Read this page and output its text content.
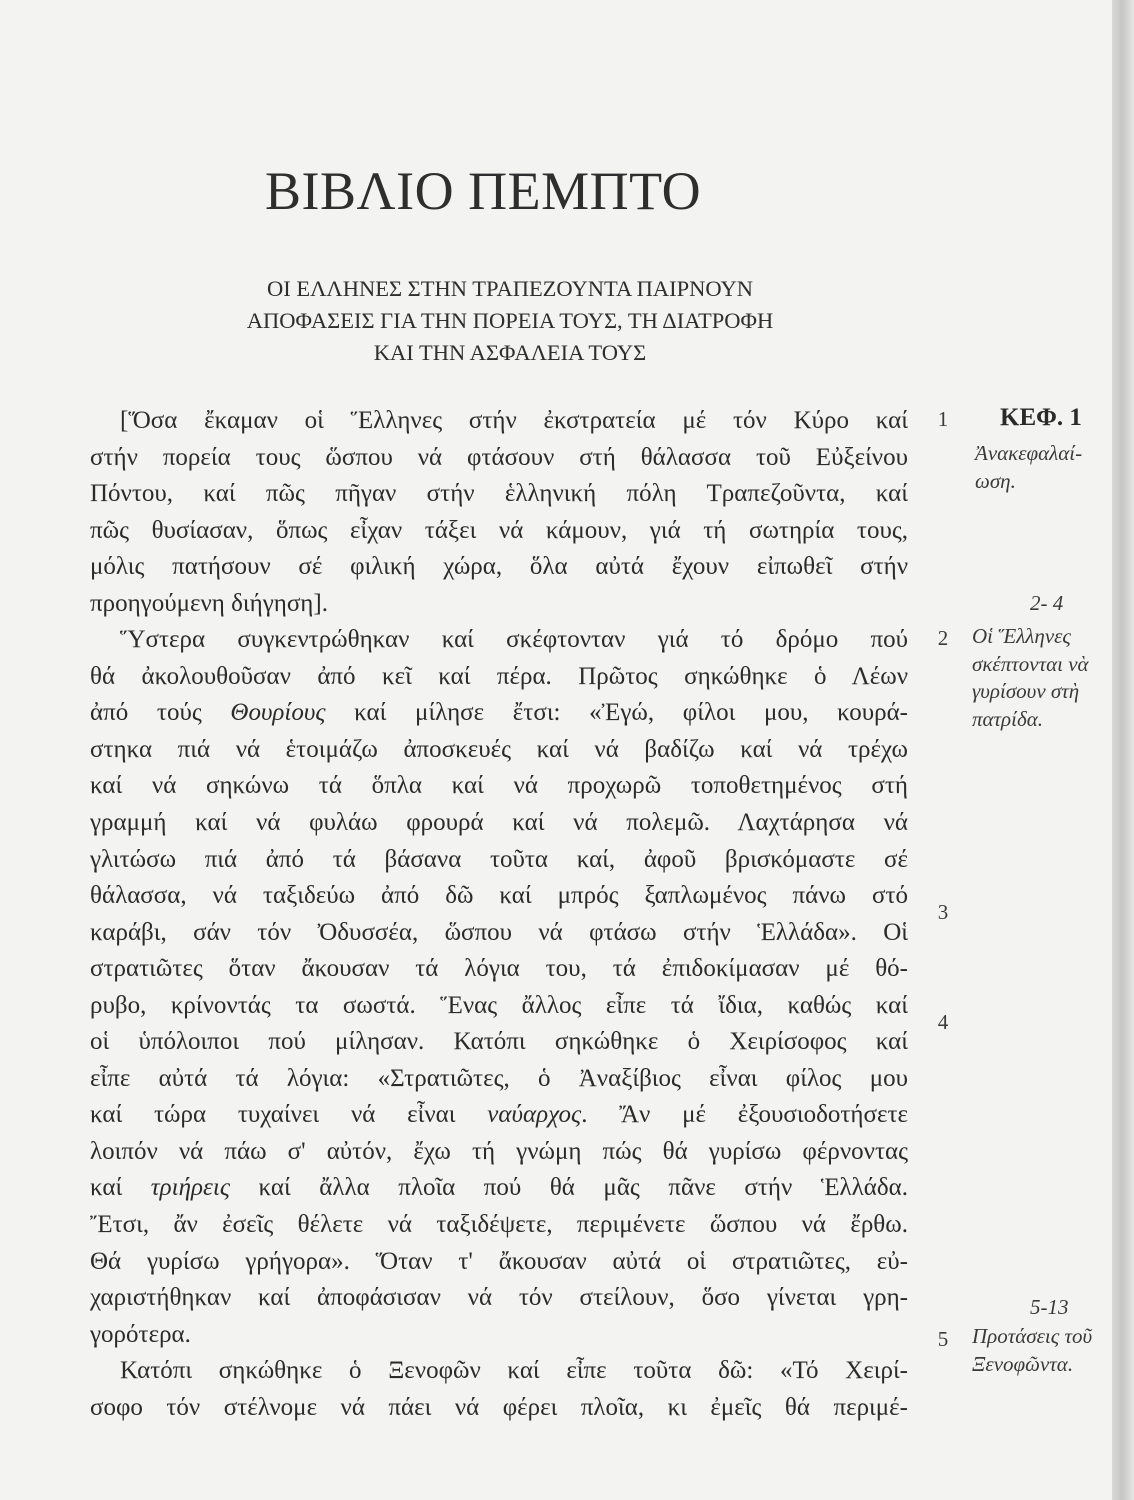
ΒΙΒΛΙΟ ΠΕΜΠΤΟ
ΟΙ ΕΛΛΗΝΕΣ ΣΤΗΝ ΤΡΑΠΕΖΟΥΝΤΑ ΠΑΙΡΝΟΥΝ
ΑΠΟΦΑΣΕΙΣ ΓΙΑ ΤΗΝ ΠΟΡΕΙΑ ΤΟΥΣ, ΤΗ ΔΙΑΤΡΟΦΗ
ΚΑΙ ΤΗΝ ΑΣΦΑΛΕΙΑ ΤΟΥΣ
[Ὅσα ἔκαμαν οἱ Ἕλληνες στήν ἐκστρατεία μέ τόν Κύρο καί
στήν πορεία τους ὥσπου νά φτάσουν στή θάλασσα τοῦ Εὐξείνου
Πόντου, καί πῶς πῆγαν στήν ἑλληνική πόλη Τραπεζοῦντα, καί
πῶς θυσίασαν, ὅπως εἶχαν τάξει νά κάμουν, γιά τή σωτηρία τους,
μόλις πατήσουν σέ φιλική χώρα, ὅλα αὐτά ἔχουν εἰπωθεῖ στήν
προηγούμενη διήγηση].
Ὕστερα συγκεντρώθηκαν καί σκέφτονταν γιά τό δρόμο πού
θά ἀκολουθοῦσαν ἀπό κεῖ καί πέρα. Πρῶτος σηκώθηκε ὁ Λέων
ἀπό τούς Θουρίους καί μίλησε ἔτσι: «Ἐγώ, φίλοι μου, κουρά-
στηκα πιά νά ἑτοιμάζω ἀποσκευές καί νά βαδίζω καί νά τρέχω
καί νά σηκώνω τά ὅπλα καί νά προχωρῶ τοποθετημένος στή
γραμμή καί νά φυλάω φρουρά καί νά πολεμῶ. Λαχτάρησα νά
γλιτώσω πιά ἀπό τά βάσανα τοῦτα καί, ἀφοῦ βρισκόμαστε σέ
θάλασσα, νά ταξιδεύω ἀπό δῶ καί μπρός ξαπλωμένος πάνω στό
καράβι, σάν τόν Ὀδυσσέα, ὥσπου νά φτάσω στήν Ἑλλάδα». Οἱ
στρατιῶτες ὅταν ἄκουσαν τά λόγια του, τά ἐπιδοκίμασαν μέ θό-
ρυβο, κρίνοντάς τα σωστά. Ἕνας ἄλλος εἶπε τά ἴδια, καθώς καί
οἱ ὑπόλοιποι πού μίλησαν. Κατόπι σηκώθηκε ὁ Χειρίσοφος καί
εἶπε αὐτά τά λόγια: «Στρατιῶτες, ὁ Ἀναξίβιος εἶναι φίλος μου
καί τώρα τυχαίνει νά εἶναι ναύαρχος. Ἄν μέ ἐξουσιοδοτήσετε
λοιπόν νά πάω σ' αὐτόν, ἔχω τή γνώμη πώς θά γυρίσω φέρνοντας
καί τριήρεις καί ἄλλα πλοῖα πού θά μᾶς πᾶνε στήν Ἑλλάδα.
Ἔτσι, ἄν ἐσεῖς θέλετε νά ταξιδέψετε, περιμένετε ὥσπου νά ἔρθω.
Θά γυρίσω γρήγορα». Ὅταν τ' ἄκουσαν αὐτά οἱ στρατιῶτες, εὐ-
χαριστήθηκαν καί ἀποφάσισαν νά τόν στείλουν, ὅσο γίνεται γρη-
γορότερα.
Κατόπι σηκώθηκε ὁ Ξενοφῶν καί εἶπε τοῦτα δῶ: «Τό Χειρί-
σοφο τόν στέλνομε νά πάει νά φέρει πλοῖα, κι ἐμεῖς θά περιμέ-
1
2
3
4
5
ΚΕΦ. 1
Ἀνακεφαλαί-
ωση.
2- 4
Οἱ Ἕλληνες
σκέπτονται νὰ
γυρίσουν στὴ
πατρίδα.
5-13
Προτάσεις τοῦ
Ξενοφῶντα.
